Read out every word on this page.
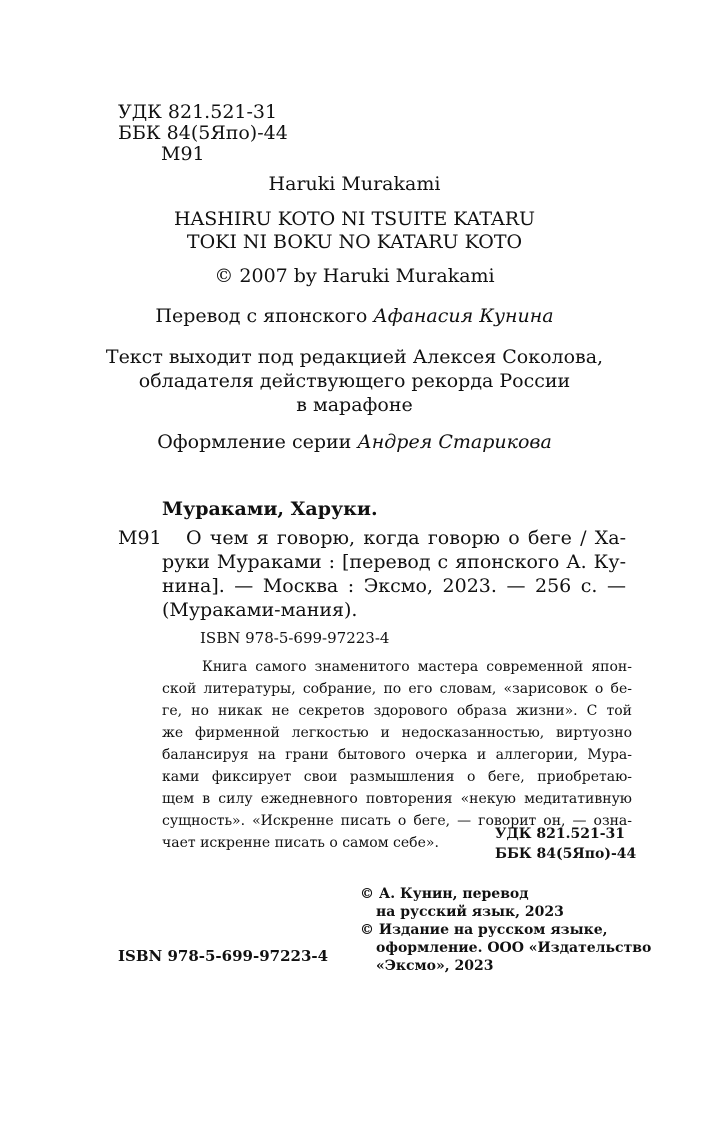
УДК 821.521-31
ББК 84(5Япо)-44
М91
Haruki Murakami
HASHIRU KOTO NI TSUITE KATARU
TOKI NI BOKU NO KATARU KOTO
© 2007 by Haruki Murakami
Перевод с японского Афанасия Кунина
Текст выходит под редакцией Алексея Соколова,
обладателя действующего рекорда России
в марафоне
Оформление серии Андрея Старикова
Мураками, Харуки.
М91 О чем я говорю, когда говорю о беге / Ха-
руки Мураками : [перевод с японского А. Ку-
нина]. — Москва : Эксмо, 2023. — 256 с. —
(Мураками-мания).
ISBN 978-5-699-97223-4
Книга самого знаменитого мастера современной япон-
ской литературы, собрание, по его словам, «зарисовок о бе-
ге, но никак не секретов здорового образа жизни». С той
же фирменной легкостью и недосказанностью, виртуозно
балансируя на грани бытового очерка и аллегории, Мура-
ками фиксирует свои размышления о беге, приобретаю-
щем в силу ежедневного повторения «некую медитативную
сущность». «Искренне писать о беге, — говорит он, — озна-
чает искренне писать о самом себе».
УДК 821.521-31
ББК 84(5Япо)-44
© А. Кунин, перевод
на русский язык, 2023
© Издание на русском языке,
оформление. ООО «Издательство
«Эксмо», 2023
ISBN 978-5-699-97223-4
